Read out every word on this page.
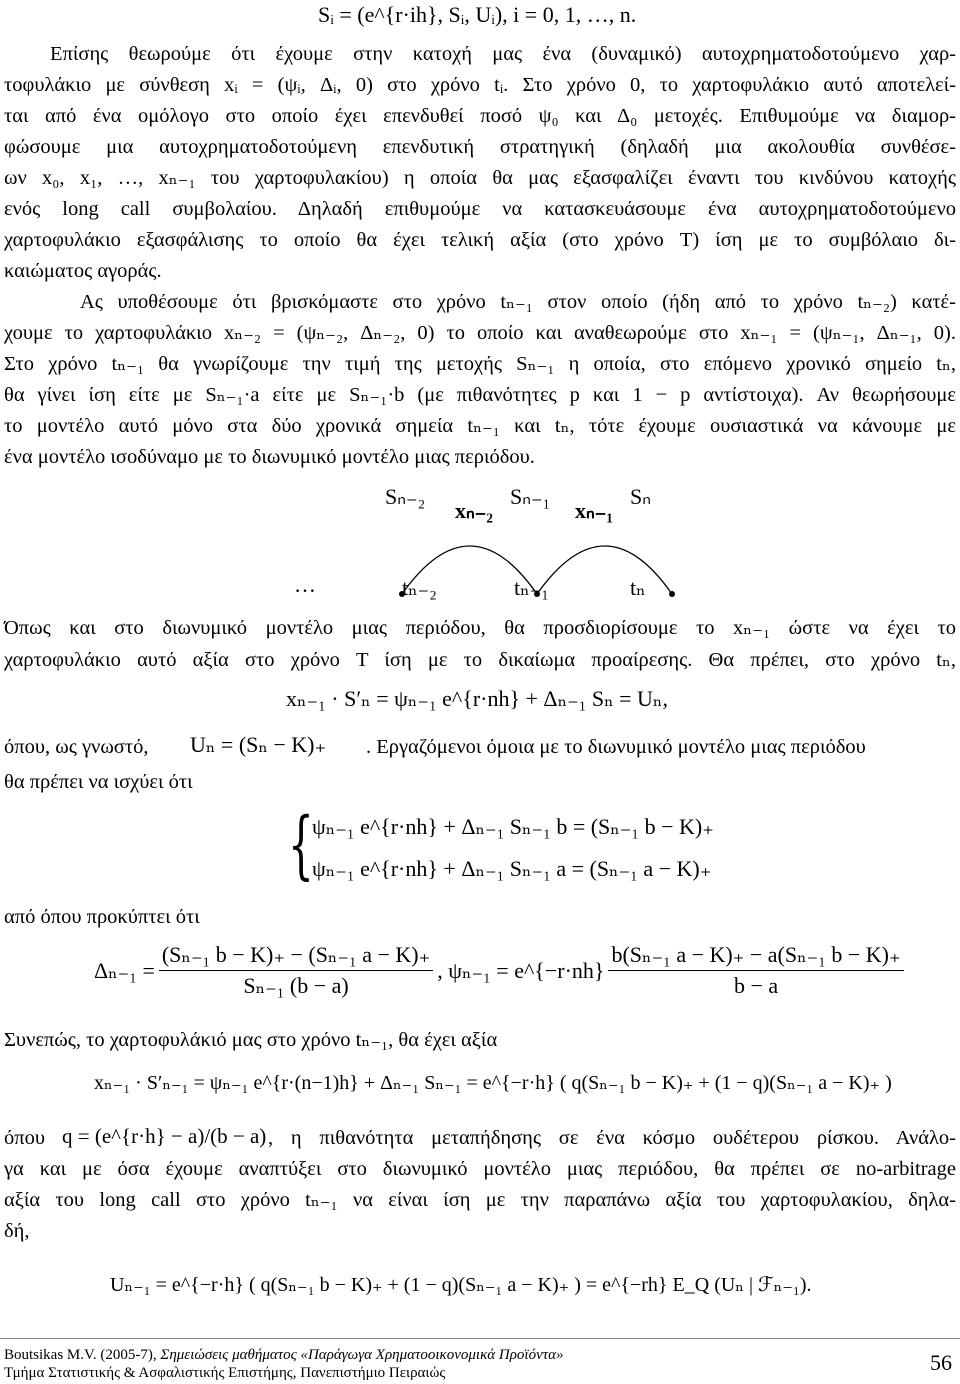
Sᵢ = (e^{r·ih}, Sᵢ, Uᵢ), i = 0, 1, …, n.
Επίσης θεωρούμε ότι έχουμε στην κατοχή μας ένα (δυναμικό) αυτοχρηματοδοτούμενο χαρ-
τοφυλάκιο με σύνθεση xᵢ = (ψᵢ, Δᵢ, 0) στο χρόνο tᵢ. Στο χρόνο 0, το χαρτοφυλάκιο αυτό αποτελεί-
ται από ένα ομόλογο στο οποίο έχει επενδυθεί ποσό ψ₀ και Δ₀ μετοχές. Επιθυμούμε να διαμορ-
φώσουμε μια αυτοχρηματοδοτούμενη επενδυτική στρατηγική (δηλαδή μια ακολουθία συνθέσε-
ων x₀, x₁, …, xₙ₋₁ του χαρτοφυλακίου) η οποία θα μας εξασφαλίζει έναντι του κινδύνου κατοχής
ενός long call συμβολαίου. Δηλαδή επιθυμούμε να κατασκευάσουμε ένα αυτοχρηματοδοτούμενο
χαρτοφυλάκιο εξασφάλισης το οποίο θα έχει τελική αξία (στο χρόνο T) ίση με το συμβόλαιο δι-
καιώματος αγοράς.
Ας υποθέσουμε ότι βρισκόμαστε στο χρόνο tₙ₋₁ στον οποίο (ήδη από το χρόνο tₙ₋₂) κατέ-
χουμε το χαρτοφυλάκιο xₙ₋₂ = (ψₙ₋₂, Δₙ₋₂, 0) το οποίο και αναθεωρούμε στο xₙ₋₁ = (ψₙ₋₁, Δₙ₋₁, 0).
Στο χρόνο tₙ₋₁ θα γνωρίζουμε την τιμή της μετοχής Sₙ₋₁ η οποία, στο επόμενο χρονικό σημείο tₙ,
θα γίνει ίση είτε με Sₙ₋₁·a είτε με Sₙ₋₁·b (με πιθανότητες p και 1 − p αντίστοιχα). Αν θεωρήσουμε
το μοντέλο αυτό μόνο στα δύο χρονικά σημεία tₙ₋₁ και tₙ, τότε έχουμε ουσιαστικά να κάνουμε με
ένα μοντέλο ισοδύναμο με το διωνυμικό μοντέλο μιας περιόδου.
Sₙ₋₂	Sₙ₋₁	Sₙ
xₙ₋₂	xₙ₋₁
…	tₙ₋₂	tₙ₋₁	tₙ
Όπως και στο διωνυμικό μοντέλο μιας περιόδου, θα προσδιορίσουμε το xₙ₋₁ ώστε να έχει το
χαρτοφυλάκιο αυτό αξία στο χρόνο T ίση με το δικαίωμα προαίρεσης. Θα πρέπει, στο χρόνο tₙ,
xₙ₋₁ · S′ₙ = ψₙ₋₁ e^{r·nh} + Δₙ₋₁ Sₙ = Uₙ,
όπου, ως γνωστό, Uₙ = (Sₙ − K)₊ . Εργαζόμενοι όμοια με το διωνυμικό μοντέλο μιας περιόδου
θα πρέπει να ισχύει ότι
{
ψₙ₋₁ e^{r·nh} + Δₙ₋₁ Sₙ₋₁ b = (Sₙ₋₁ b − K)₊
ψₙ₋₁ e^{r·nh} + Δₙ₋₁ Sₙ₋₁ a = (Sₙ₋₁ a − K)₊
από όπου προκύπτει ότι
$\Delta_{n-1} = \frac{\text{(Sₙ₋₁ b − K)₊ − (Sₙ₋₁ a − K)₊}}{\text{Sₙ₋₁ (b − a)}}$ , ψₙ₋₁ = e^{−r·nh} $\frac{\text{b(Sₙ₋₁ a − K)₊ − a(Sₙ₋₁ b − K)₊}}{b - a}$
Συνεπώς, το χαρτοφυλάκιό μας στο χρόνο tₙ₋₁, θα έχει αξία
xₙ₋₁ · S′ₙ₋₁ = ψₙ₋₁ e^{r·(n−1)h} + Δₙ₋₁ Sₙ₋₁ = e^{−r·h} ( q(Sₙ₋₁ b − K)₊ + (1 − q)(Sₙ₋₁ a − K)₊ )
όπου q = (e^{r·h} − a)/(b − a) , η πιθανότητα μεταπήδησης σε ένα κόσμο ουδέτερου ρίσκου. Ανάλο-
γα και με όσα έχουμε αναπτύξει στο διωνυμικό μοντέλο μιας περιόδου, θα πρέπει σε no-arbitrage
αξία του long call στο χρόνο tₙ₋₁ να είναι ίση με την παραπάνω αξία του χαρτοφυλακίου, δηλα-
δή,
Uₙ₋₁ = e^{−r·h} ( q(Sₙ₋₁ b − K)₊ + (1 − q)(Sₙ₋₁ a − K)₊ ) = e^{−rh} E_Q (Uₙ | ℱₙ₋₁).
Boutsikas M.V. (2005-7), Σημειώσεις μαθήματος «Παράγωγα Χρηματοοικονομικά Προϊόντα»
Τμήμα Στατιστικής & Ασφαλιστικής Επιστήμης, Πανεπιστήμιο Πειραιώς	56
